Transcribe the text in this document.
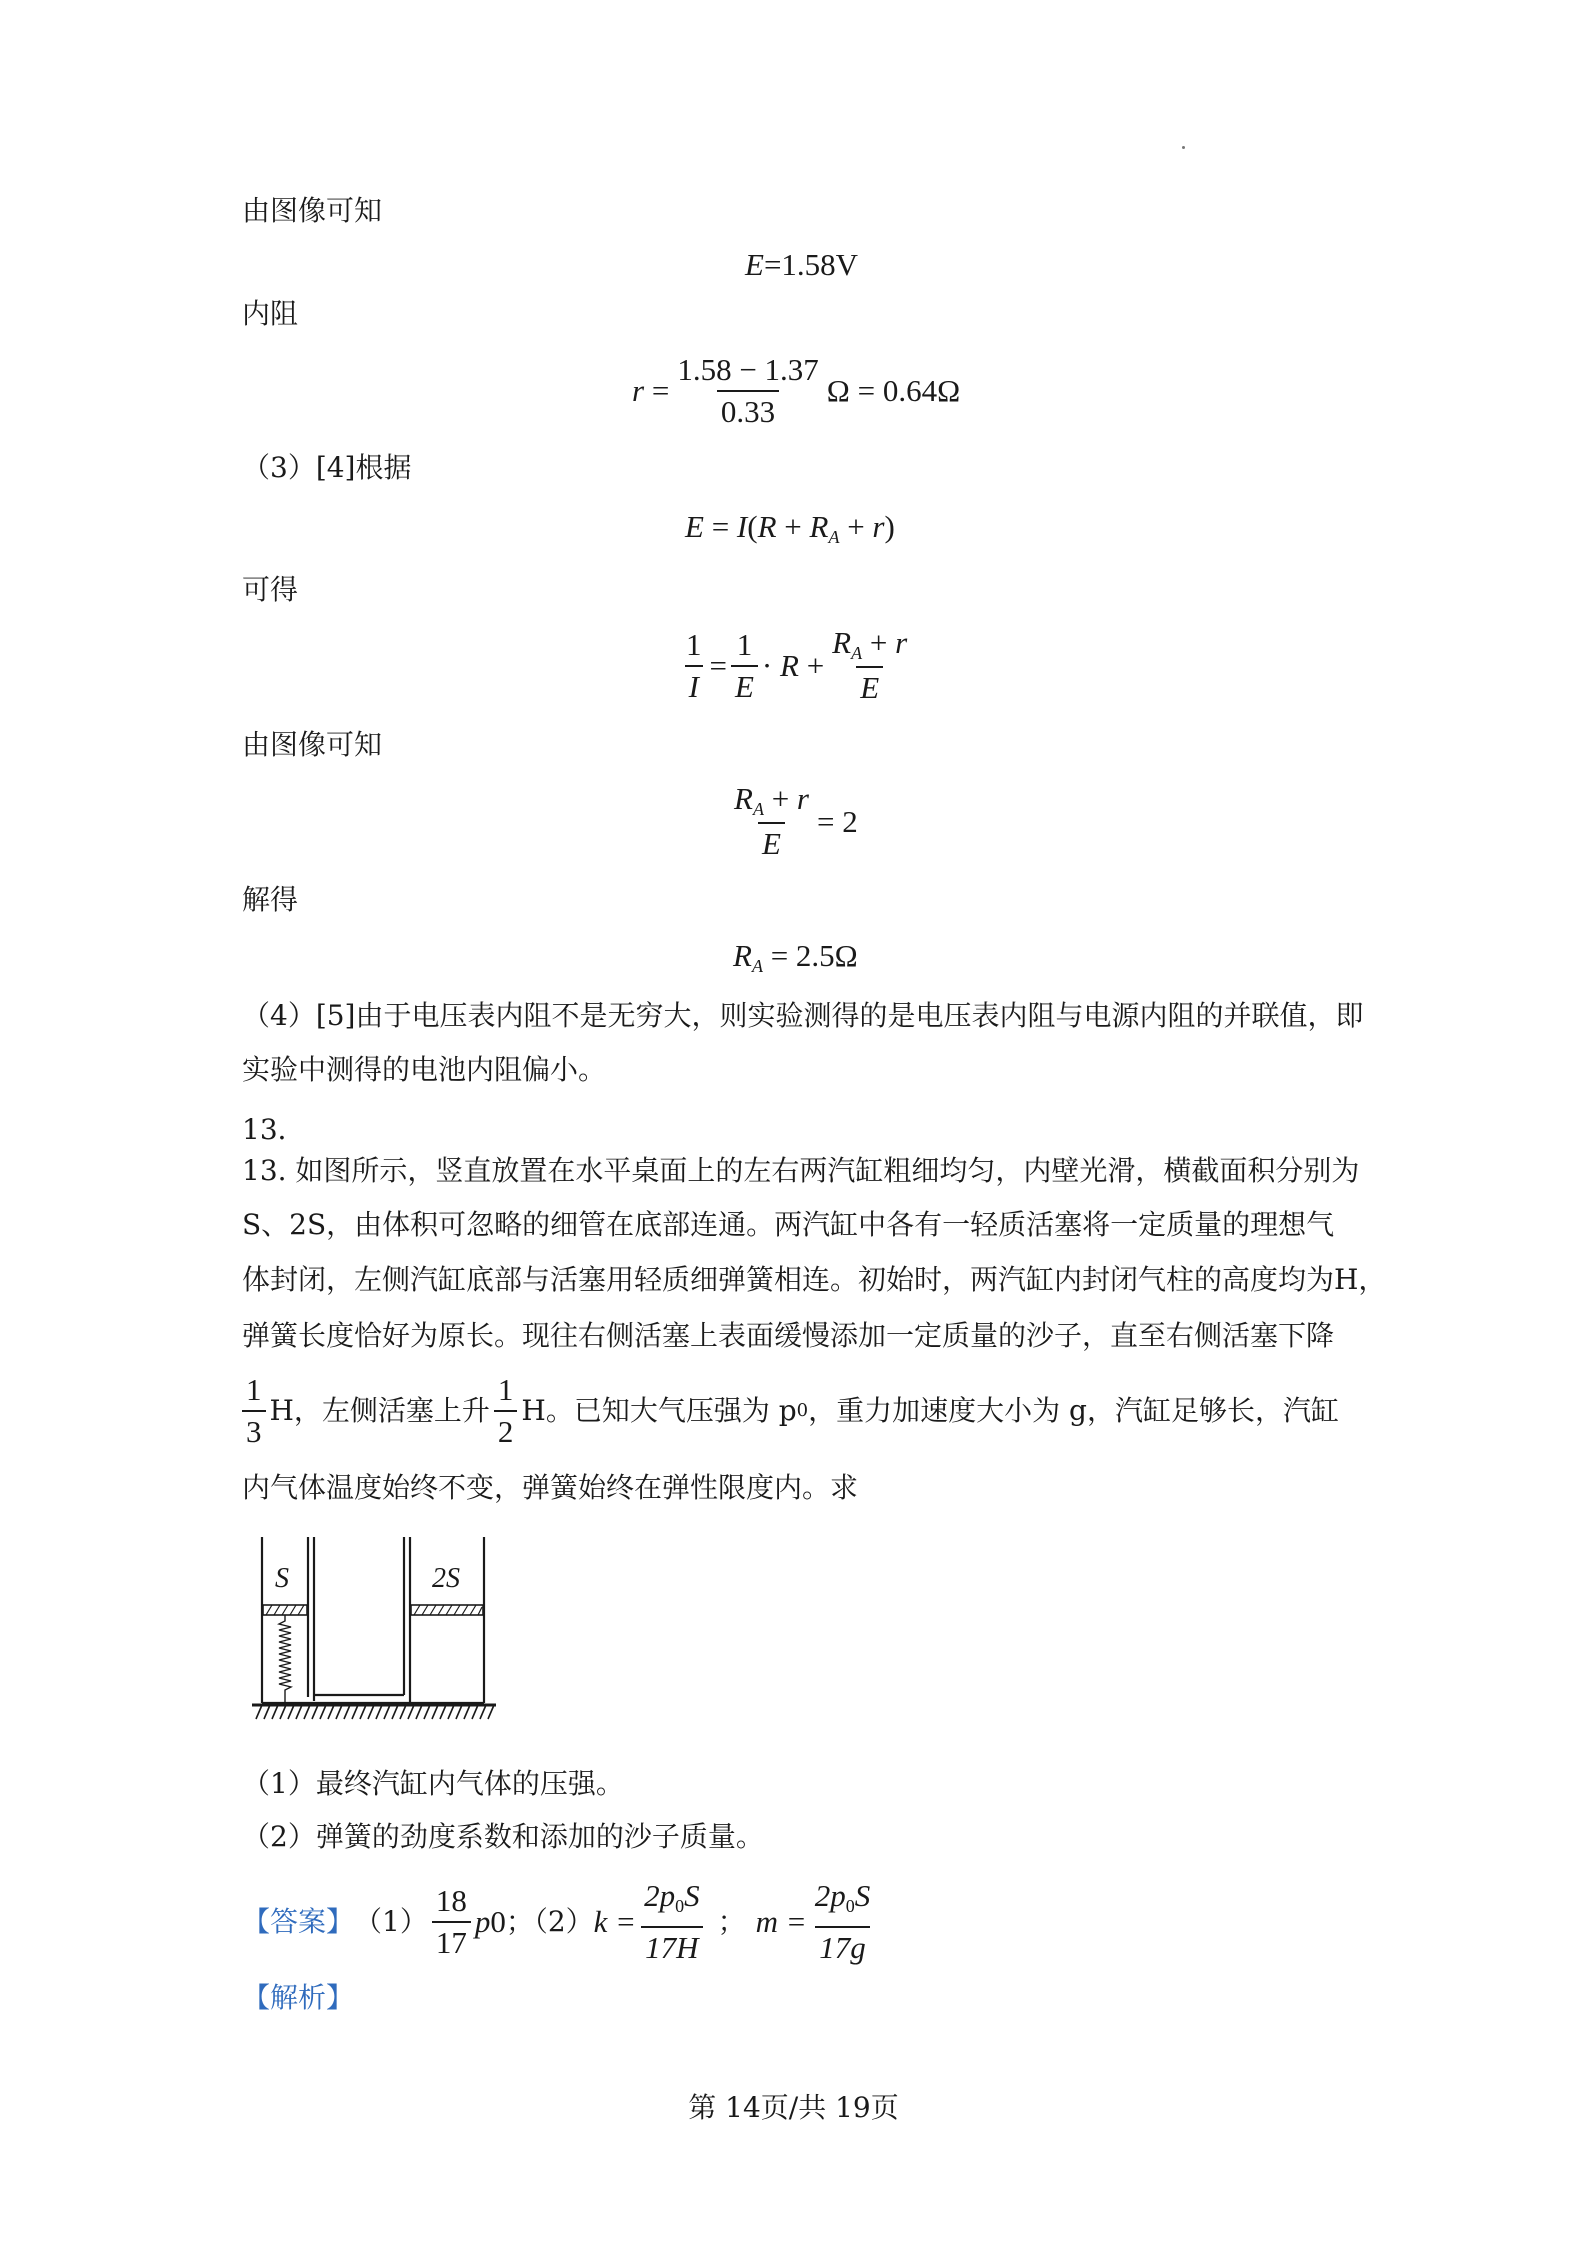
由图像可知
E=1.58V
内阻
$r = \frac{1.58 - 1.37}{0.33}$ Ω = 0.64Ω
（3）[4]根据
$E = I(R + R_A + r)$
可得
$\frac{1}{I} = \frac{1}{E} \cdot R + \frac{R_A + r}{E}$
由图像可知
$\frac{R_A + r}{E} = 2$
解得
$R_A = 2.5\Omega$
（4）[5]由于电压表内阻不是无穷大，则实验测得的是电压表内阻与电源内阻的并联值，即
实验中测得的电池内阻偏小。
13．
13. 如图所示，竖直放置在水平桌面上的左右两汽缸粗细均匀，内壁光滑，横截面积分别为
S、2S，由体积可忽略的细管在底部连通。两汽缸中各有一轻质活塞将一定质量的理想气
体封闭，左侧汽缸底部与活塞用轻质细弹簧相连。初始时，两汽缸内封闭气柱的高度均为H，
弹簧长度恰好为原长。现往右侧活塞上表面缓慢添加一定质量的沙子，直至右侧活塞下降
$\frac{1}{3}$ H，左侧活塞上升 $\frac{1}{2}$ H。已知大气压强为 p 0 ，重力加速度大小为 g，汽缸足够长，汽缸
内气体温度始终不变，弹簧始终在弹性限度内。求
S	2S
（1）最终汽缸内气体的压强。
（2）弹簧的劲度系数和添加的沙子质量。
【答案】 $(1) \frac{18}{17}$ p 0 ；（2） $k = \frac{2p_0S}{17H}$ ； $m = \frac{2p_0S}{17g}$
【解析】
第 14页/共 19页
